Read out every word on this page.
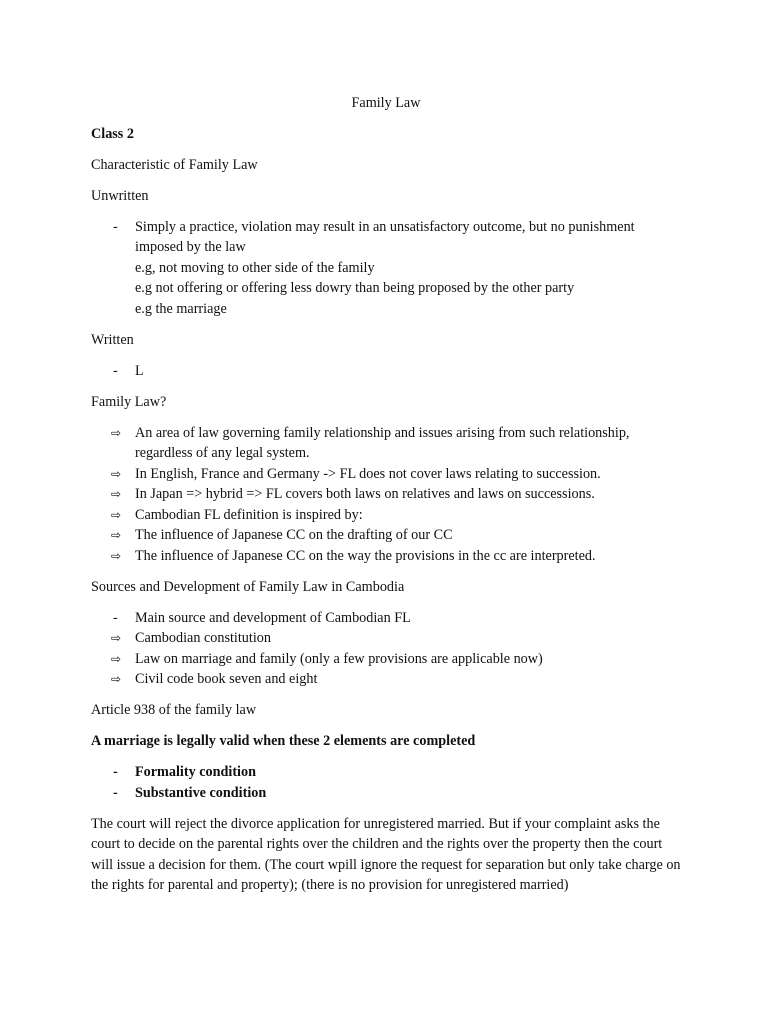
Family Law

Class 2

Characteristic of Family Law

Unwritten

- Simply a practice, violation may result in an unsatisfactory outcome, but no punishment imposed by the law
e.g, not moving to other side of the family
e.g not offering or offering less dowry than being proposed by the other party
e.g the marriage

Written

- L

Family Law?

⇨ An area of law governing family relationship and issues arising from such relationship, regardless of any legal system.
⇨ In English, France and Germany -> FL does not cover laws relating to succession.
⇨ In Japan => hybrid => FL covers both laws on relatives and laws on successions.
⇨ Cambodian FL definition is inspired by:
⇨ The influence of Japanese CC on the drafting of our CC
⇨ The influence of Japanese CC on the way the provisions in the cc are interpreted.

Sources and Development of Family Law in Cambodia

- Main source and development of Cambodian FL
⇨ Cambodian constitution
⇨ Law on marriage and family (only a few provisions are applicable now)
⇨ Civil code book seven and eight

Article 938 of the family law

A marriage is legally valid when these 2 elements are completed

- Formality condition
- Substantive condition

The court will reject the divorce application for unregistered married. But if your complaint asks the court to decide on the parental rights over the children and the rights over the property then the court will issue a decision for them. (The court wpill ignore the request for separation but only take charge on the rights for parental and property); (there is no provision for unregistered married)
